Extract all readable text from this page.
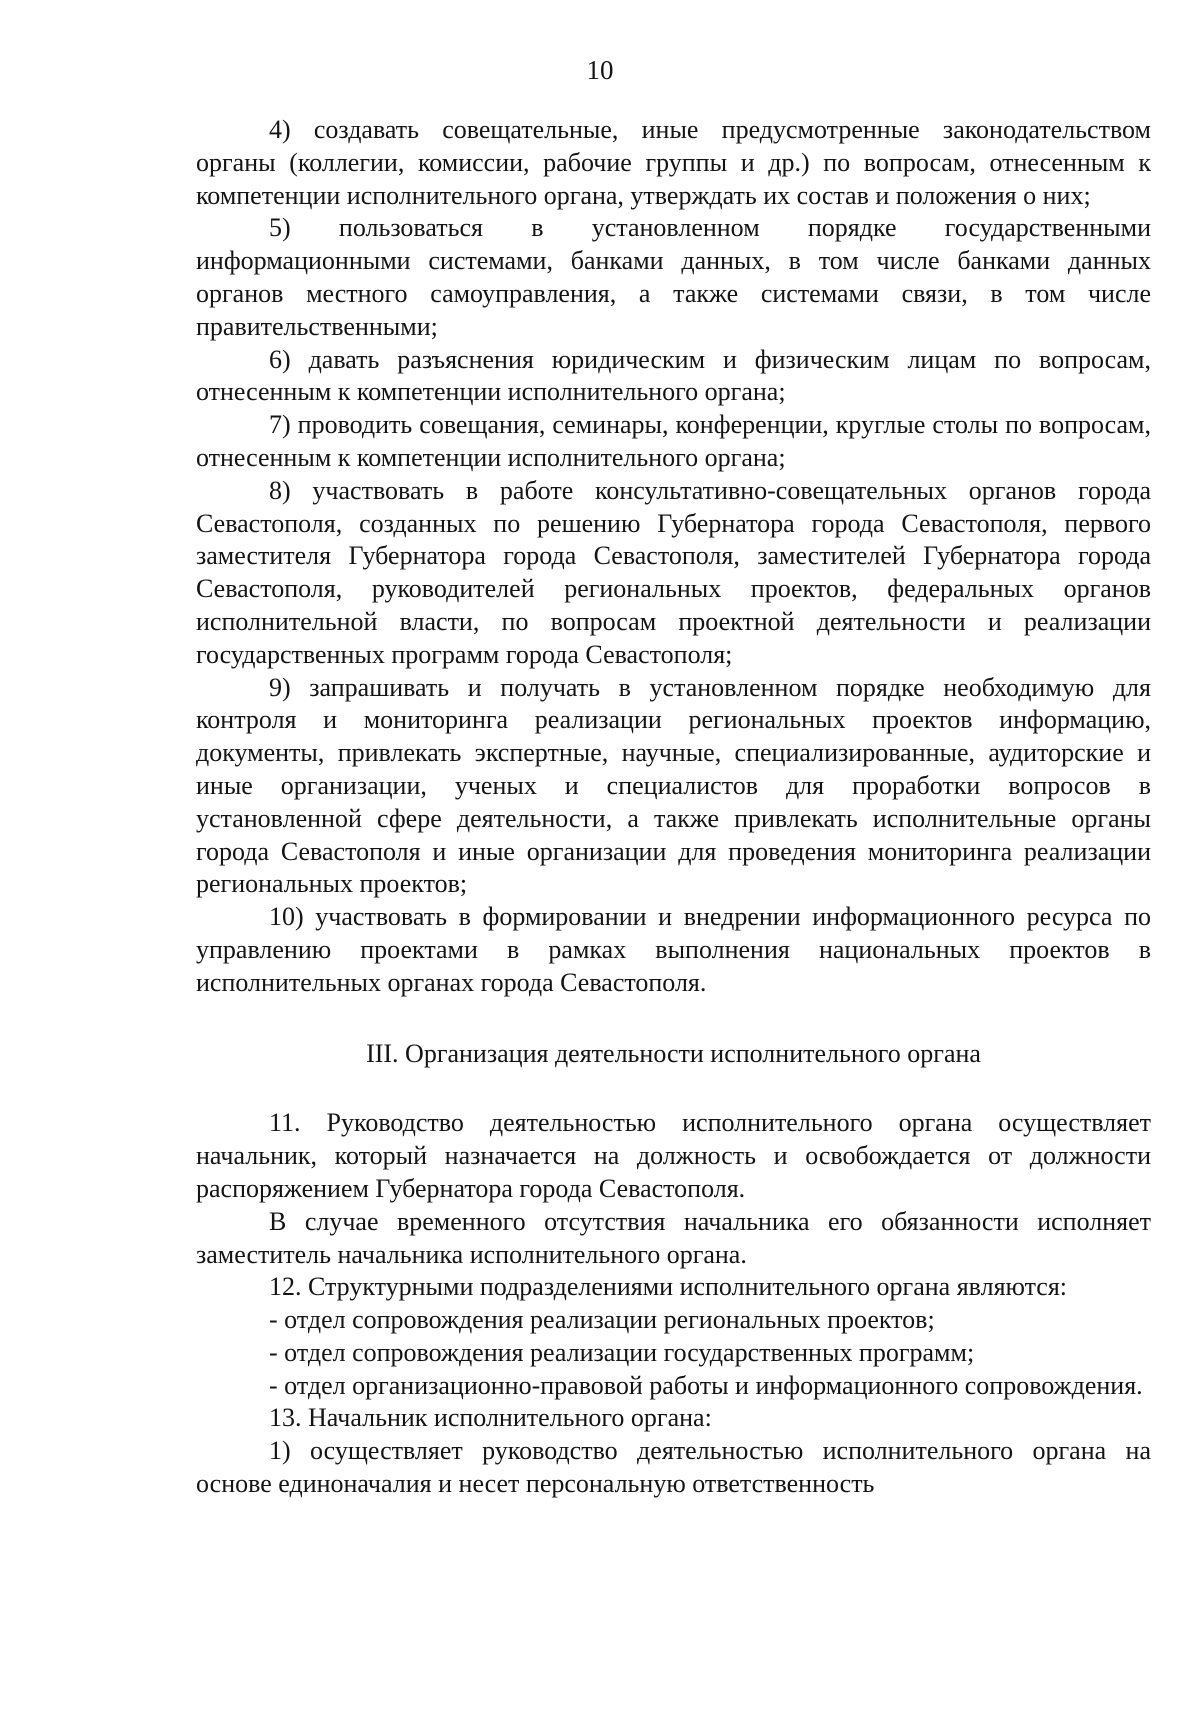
10

4) создавать совещательные, иные предусмотренные законодательством органы (коллегии, комиссии, рабочие группы и др.) по вопросам, отнесенным к компетенции исполнительного органа, утверждать их состав и положения о них;

5) пользоваться в установленном порядке государственными информационными системами, банками данных, в том числе банками данных органов местного самоуправления, а также системами связи, в том числе правительственными;

6) давать разъяснения юридическим и физическим лицам по вопросам, отнесенным к компетенции исполнительного органа;

7) проводить совещания, семинары, конференции, круглые столы по вопросам, отнесенным к компетенции исполнительного органа;

8) участвовать в работе консультативно-совещательных органов города Севастополя, созданных по решению Губернатора города Севастополя, первого заместителя Губернатора города Севастополя, заместителей Губернатора города Севастополя, руководителей региональных проектов, федеральных органов исполнительной власти, по вопросам проектной деятельности и реализации государственных программ города Севастополя;

9) запрашивать и получать в установленном порядке необходимую для контроля и мониторинга реализации региональных проектов информацию, документы, привлекать экспертные, научные, специализированные, аудиторские и иные организации, ученых и специалистов для проработки вопросов в установленной сфере деятельности, а также привлекать исполнительные органы города Севастополя и иные организации для проведения мониторинга реализации региональных проектов;

10) участвовать в формировании и внедрении информационного ресурса по управлению проектами в рамках выполнения национальных проектов в исполнительных органах города Севастополя.

III. Организация деятельности исполнительного органа

11. Руководство деятельностью исполнительного органа осуществляет начальник, который назначается на должность и освобождается от должности распоряжением Губернатора города Севастополя.

В случае временного отсутствия начальника его обязанности исполняет заместитель начальника исполнительного органа.

12. Структурными подразделениями исполнительного органа являются:

- отдел сопровождения реализации региональных проектов;

- отдел сопровождения реализации государственных программ;

- отдел организационно-правовой работы и информационного сопровождения.

13. Начальник исполнительного органа:

1) осуществляет руководство деятельностью исполнительного органа на основе единоначалия и несет персональную ответственность
